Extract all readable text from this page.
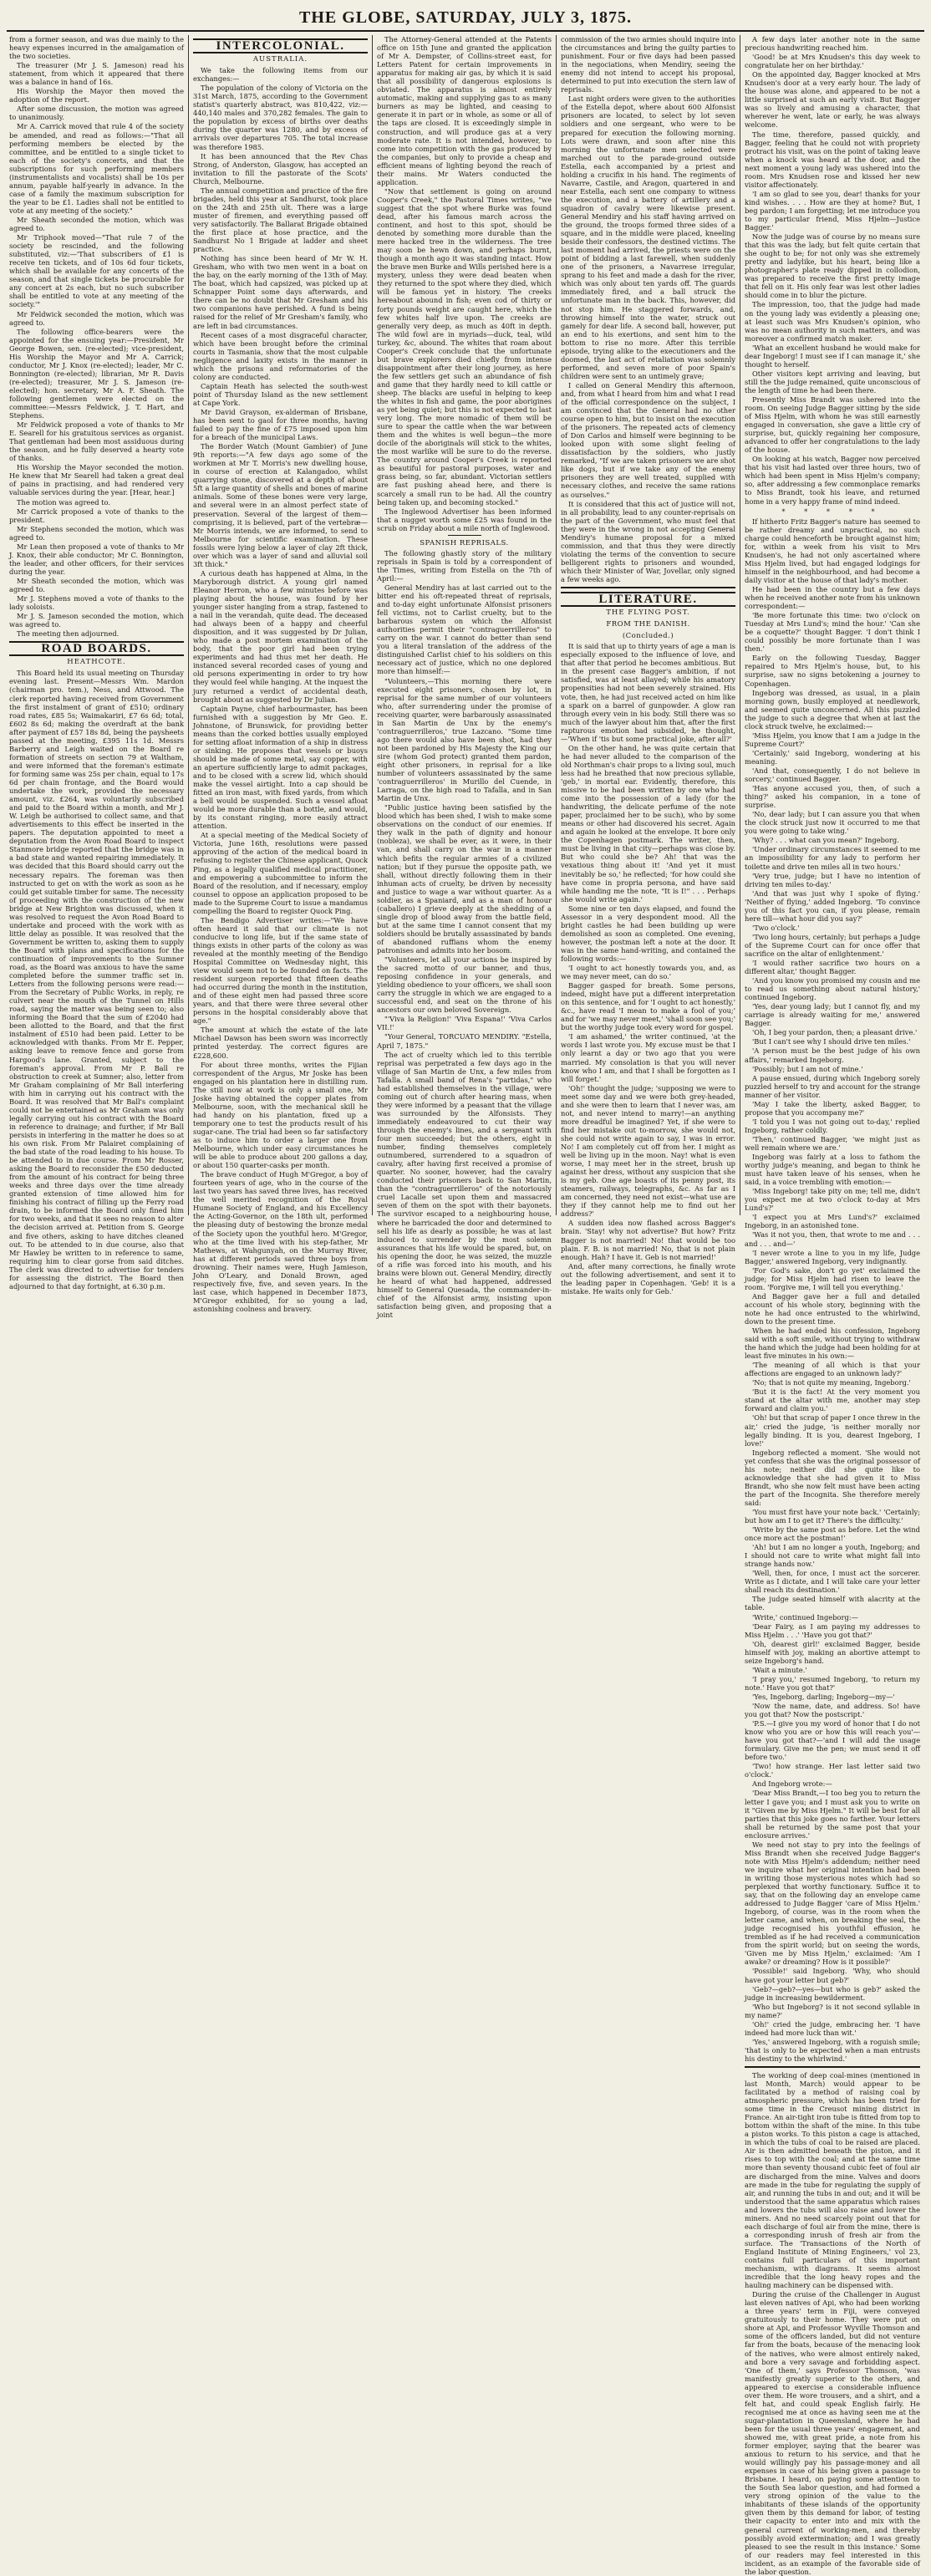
THE GLOBE, SATURDAY, JULY 3, 1875.

from a former season, and was due mainly to the heavy expenses incurred in the amalgamation of the two societies.

The treasurer (Mr J. S. Jameson) read his statement, from which it appeared that there was a balance in hand of 16s.

His Worship the Mayor then moved the adoption of the report.

After some discussion, the motion was agreed to unanimously.

Mr A. Carrick moved that rule 4 of the society be amended, and read as follows:—"That all performing members be elected by the committee, and be entitled to a single ticket to each of the society's concerts, and that the subscriptions for such performing members (instrumentalists and vocalists) shall be 10s per annum, payable half-yearly in advance. In the case of a family the maximum subscription for the year to be £1. Ladies shall not be entitled to vote at any meeting of the society."

Mr Sheath seconded the motion, which was agreed to.

Mr Triphook moved—"That rule 7 of the society be rescinded, and the following substituted, viz:—'That subscribers of £1 is receive ten tickets, and of 10s 6d four tickets, which shall be available for any concerts of the season, and that single tickets be procurable for any concert at 2s each, but no such subscriber shall be entitled to vote at any meeting of the society.'"

Mr Feldwick seconded the motion, which was agreed to.

The following office-bearers were the appointed for the ensuing year:—President, Mr George Bowen, sen. (re-elected); vice-president, His Worship the Mayor and Mr A. Carrick; conductor, Mr J. Knox (re-elected); leader, Mr C. Bonnington (re-elected); librarian, Mr R. Davis (re-elected); treasurer, Mr J. S. Jameson (re-elected); hon. secretary, Mr A. F. Sheath. The following gentlemen were elected on the committee:—Messrs Feldwick, J. T. Hart, and Stephens.

Mr Feldwick proposed a vote of thanks to Mr E. Searell for his gratuitous services as organist. That gentleman had been most assiduous during the season, and he fully deserved a hearty vote of thanks.

His Worship the Mayor seconded the motion. He knew that Mr Searell had taken a great deal of pains in practising, and had rendered very valuable services during the year. [Hear, hear.]

The motion was agreed to.

Mr Carrick proposed a vote of thanks to the president.

Mr Stephens seconded the motion, which was agreed to.

Mr Lean then proposed a vote of thanks to Mr J. Knox, their able conductor; Mr C. Bonnington, the leader, and other officers, for their services during the year.

Mr Sheath seconded the motion, which was agreed to.

Mr J. Stephens moved a vote of thanks to the lady soloists.

Mr J. S. Jameson seconded the motion, which was agreed to.

The meeting then adjourned.

ROAD BOARDS.
HEATHCOTE.

This Board held its usual meeting on Thursday evening last. Present—Messrs Wm. Mardon (chairman pro. tem.), Ness, and Attwood. The clerk reported having received from Government the first instalment of grant of £510; ordinary road rates, £85 5s; Waimakariri, £7 6s 6d; total, £602 8s 6d; making the overdraft at the bank after payment of £57 18s 8d, being the paysheets passed at the meeting, £395 11s 1d. Messrs Barberry and Leigh waited on the Board re formation of streets on section 79 at Waltham, and were informed that the foreman's estimate for forming same was 25s per chain, equal to 17s 6d per chain frontage, and the Board would undertake the work, provided the necessary amount, viz. £264, was voluntarily subscribed and paid to the Board within a month, and Mr J. W. Leigh be authorised to collect same, and that advertisements to this effect be inserted in the papers. The deputation appointed to meet a deputation from the Avon Road Board to inspect Stanmore bridge reported that the bridge was in a bad state and wanted repairing immediately. It was decided that this Board should carry out the necessary repairs. The foreman was then instructed to get on with the work as soon as he could get suitable timber for same. The necessity of proceeding with the construction of the new bridge at New Brighton was discussed, when it was resolved to request the Avon Road Board to undertake and proceed with the work with as little delay as possible. It was resolved that the Government be written to, asking them to supply the Board with plans and specifications for the continuation of improvements to the Sumner road, as the Board was anxious to have the same completed before the summer traffic set in. Letters from the following persons were read:—From the Secretary of Public Works, in reply, re culvert near the mouth of the Tunnel on Hills road, saying the matter was being seen to; also informing the Board that the sum of £2040 had been allotted to the Board, and that the first instalment of £510 had been paid. Letter to be acknowledged with thanks. From Mr E. Pepper, asking leave to remove fence and gorse from Hargood's lane. Granted, subject to the foreman's approval. From Mr P. Ball re obstruction to creek at Sumner; also, letter from Mr Graham complaining of Mr Ball interfering with him in carrying out his contract with the Board. It was resolved that Mr Ball's complaint could not be entertained as Mr Graham was only legally carrying out his contract with the Board in reference to drainage; and further, if Mr Ball persists in interfering in the matter he does so at his own risk. From Mr Palairet complaining of the bad state of the road leading to his house. To be attended to in due course. From Mr Rosser, asking the Board to reconsider the £50 deducted from the amount of his contract for being three weeks and three days over the time already granted extension of time allowed him for finishing his contract of filling up the Ferry road drain, to be informed the Board only fined him for two weeks, and that it sees no reason to alter the decision arrived at. Petition from S. George and five others, asking to have ditches cleaned out. To be attended to in due course, also that Mr Hawley be written to in reference to same, requiring him to clear gorse from said ditches. The clerk was directed to advertise for tenders for assessing the district. The Board then adjourned to that day fortnight, at 6.30 p.m.

INTERCOLONIAL.
AUSTRALIA.

We take the following items from our exchanges:—

The population of the colony of Victoria on the 31st March, 1875, according to the Government statist's quarterly abstract, was 810,422, viz:—440,140 males and 370,282 females. The gain to the population by excess of births over deaths during the quarter was 1280, and by excess of arrivals over departures 705. The total increase was therefore 1985.

It has been announced that the Rev Chas Strong, of Anderston, Glasgow, has accepted an invitation to fill the pastorate of the Scots' Church, Melbourne.

The annual competition and practice of the fire brigades, held this year at Sandhurst, took place on the 24th and 25th ult. There was a large muster of firemen, and everything passed off very satisfactorily. The Ballarat Brigade obtained the first place at hose practice, and the Sandhurst No 1 Brigade at ladder and sheet practice.

Nothing has since been heard of Mr W. H. Gresham, who with two men went in a boat on the bay, on the early morning of the 13th of May. The boat, which had capsized, was picked up at Schnapper Point some days afterwards, and there can be no doubt that Mr Gresham and his two companions have perished. A fund is being raised for the relief of Mr Gresham's family, who are left in bad circumstances.

Recent cases of a most disgraceful character, which have been brought before the criminal courts in Tasmania, show that the most culpable negligence and laxity exists in the manner in which the prisons and reformatories of the colony are conducted.

Captain Heath has selected the south-west point of Thursday Island as the new settlement at Cape York.

Mr David Grayson, ex-alderman of Brisbane, has been sent to gaol for three months, having failed to pay the fine of £75 imposed upon him for a breach of the municipal Laws.

The Border Watch (Mount Gambier) of June 9th reports:—"A few days ago some of the workmen at Mr T. Morris's new dwelling house, in course of erection at Kalangadoo, whilst quarrying stone, discovered at a depth of about 5ft a large quantity of shells and bones of marine animals. Some of these bones were very large, and several were in an almost perfect state of preservation. Several of the largest of them—comprising, it is believed, part of the vertebræ—Mr Morris intends, we are informed, to send to Melbourne for scientific examination. These fossils were lying below a layer of clay 2ft thick, over which was a layer of sand and alluvial soil 3ft thick."

A curious death has happened at Alma, in the Maryborough district. A young girl named Eleanor Herron, who a few minutes before was playing about the house, was found by her younger sister hanging from a strap, fastened to a nail in the verandah, quite dead. The deceased had always been of a happy and cheerful disposition, and it was suggested by Dr Julian, who made a post mortem examination of the body, that the poor girl had been trying experiments and had thus met her death. He instanced several recorded cases of young and old persons experimenting in order to try how they would feel while hanging. At the inquest the jury returned a verdict of accidental death, brought about as suggested by Dr Julian.

Captain Payne, chief harbourmaster, has been furnished with a suggestion by Mr Geo. E. Johnstone, of Brunswick, for providing better means than the corked bottles usually employed for setting afloat information of a ship in distress or sinking. He proposes that vessels or buoys should be made of some metal, say copper, with an aperture sufficiently large to admit packages, and to be closed with a screw lid, which should make the vessel airtight. Into a cap should be fitted an iron mast, with fixed yards, from which a bell would be suspended. Such a vessel afloat would be more durable than a bottle, and would, by its constant ringing, more easily attract attention.

At a special meeting of the Medical Society of Victoria, June 16th, resolutions were passed approving of the action of the medical board in refusing to register the Chinese applicant, Quock Ping, as a legally qualified medical practitioner, and empowering a subcommittee to inform the Board of the resolution, and if necessary, employ counsel to oppose an application proposed to be made to the Supreme Court to issue a mandamus compelling the Board to register Quock Ping.

The Bendigo Advertiser writes:—"We have often heard it said that our climate is not conducive to long life, but if the same state of things exists in other parts of the colony as was revealed at the monthly meeting of the Bendigo Hospital Committee on Wednesday night, this view would seem not to be founded on facts. The resident surgeon reported that fifteen deaths had occurred during the month in the institution, and of these eight men had passed three score years, and that there were three several other persons in the hospital considerably above that age."

The amount at which the estate of the late Michael Dawson has been sworn was incorrectly printed yesterday. The correct figures are £228,600.

For about three months, writes the Fijian correspondent of the Argus, Mr Joske has been engaged on his plantation here in distilling rum. The still now at work is only a small one, Mr Joske having obtained the copper plates from Melbourne, soon, with the mechanical skill he had handy on his plantation, fixed up a temporary one to test the products result of his sugar-cane. The trial had been so far satisfactory as to induce him to order a larger one from Melbourne, which under easy circumstances he will be able to produce about 200 gallons a day, or about 150 quarter-casks per month.

The brave conduct of Hugh M'Gregor, a boy of fourteen years of age, who in the course of the last two years has saved three lives, has received the well merited recognition of the Royal Humane Society of England, and his Excellency the Acting-Governor, on the 18th ult, performed the pleasing duty of bestowing the bronze medal of the Society upon the youthful hero. M'Gregor, who at the time lived with his step-father, Mr Mathews, at Wahgunyah, on the Murray River, has at different periods saved three boys from drowning. Their names were, Hugh Jamieson, John O'Leary, and Donald Brown, aged respectively five, five, and seven years. In the last case, which happened in December 1873, M'Gregor exhibited, for so young a lad, astonishing coolness and bravery.

The Attorney-General attended at the Patents office on 15th June and granted the application of Mr A. Dempster, of Collins-street east, for Letters Patent for certain improvements in apparatus for making air gas, by which it is said that all possibility of dangerous explosions is obviated. The apparatus is almost entirely automatic, making and supplying gas to as many burners as may be lighted, and ceasing to generate it in part or in whole, as some or all of the taps are closed. It is exceedingly simple in construction, and will produce gas at a very moderate rate. It is not intended, however, to come into competition with the gas produced by the companies, but only to provide a cheap and efficient means of lighting beyond the reach of their mains. Mr Waters conducted the application.

"Now that settlement is going on around Cooper's Creek," the Pastoral Times writes, "we suggest that the spot where Burke was found dead, after his famous march across the continent, and host to this spot, should be denoted by something more durable than the mere hacked tree in the wilderness. The tree may soon be hewn down, and perhaps burnt, though a month ago it was standing intact. How the brave men Burke and Wills perished here is a mystery, unless they were dead beaten when they returned to the spot where they died, which will be famous yet in history. The creeks hereabout abound in fish; even cod of thirty or forty pounds weight are caught here, which the few whites half live upon. The creeks are generally very deep, as much as 40ft in depth. The wild fowl are in myriads—duck, teal, wild turkey, &c, abound. The whites that roam about Cooper's Creek conclude that the unfortunate but brave explorers died chiefly from intense disappointment after their long journey, as here the few settlers get such an abundance of fish and game that they hardly need to kill cattle or sheep. The blacks are useful in helping to keep the whites in fish and game, the poor aborigines as yet being quiet; but this is not expected to last very long. The more nomadic of them will be sure to spear the cattle when the war between them and the whites is well begun—the more docile of the aboriginals will stick to the whites, the most warlike will be sure to do the reverse. The country around Cooper's Creek is reported as beautiful for pastoral purposes, water and grass being, so far, abundant. Victorian settlers are fast pushing ahead here, and there is scarcely a small run to be had. All the country being taken up, and becoming stocked."

The Inglewood Advertiser has been informed that a nugget worth some £25 was found in the scrub on Friday about a mile north of Inglewood.

SPANISH REPRISALS.

The following ghastly story of the military reprisals in Spain is told by a correspondent of the Times, writing from Estella on the 7th of April:—

General Mendiry has at last carried out to the bitter end his oft-repeated threat of reprisals, and to-day eight unfortunate Alfonsist prisoners fell victims, not to Carlist cruelty, but to the barbarous system on which the Alfonsist authorities permit their "contraguerrilleros" to carry on the war. I cannot do better than send you a literal translation of the address of the distinguished Carlist chief to his soldiers on this necessary act of justice, which no one deplored more than himself:—

"Volunteers,—This morning there were executed eight prisoners, chosen by lot, in reprisal for the same number of our volunteers who, after surrendering under the promise of receiving quarter, were barbarously assassinated in San Martin de Unx by the enemy's 'contraguerrilleros,' true Lazcano. "Some time ago there would also have been shot, had they not been pardoned by His Majesty the King our sire (whom God protect) granted them pardon, eight other prisoners, in reprisal for a like number of volunteers assassinated by the same 'contraguerrilleros' in Murillo del Cuende, in Larraga, on the high road to Tafalla, and in San Martin de Unx.

"Public justice having been satisfied by the blood which has been shed, I wish to make some observations on the conduct of our enemies. If they walk in the path of dignity and honour (nobleza), we shall be ever, as it were, in their van, and shall carry on the war in a manner which befits the regular armies of a civilized nation; but if they pursue the opposite path, we shall, without directly following them in their inhuman acts of cruelty, be driven by necessity and justice to wage a war without quarter. As a soldier, as a Spaniard, and as a man of honour (caballero) I grieve deeply at the shedding of a single drop of blood away from the battle field, but at the same time I cannot consent that my soldiers should be brutally assassinated by bands of abandoned ruffians whom the enemy patronises and admits into her bosom.

"Volunteers, let all your actions be inspired by the sacred motto of our banner, and thus, reposing confidence in your generals, and yielding obedience to your officers, we shall soon carry the struggle in which we are engaged to a successful end, and seat on the throne of his ancestors our own beloved Sovereign.

"'Viva la Religion!' 'Viva Espana!' 'Viva Carlos VII.!'

"Your General, TORCUATO MENDIRY. "Estella, April 7, 1875."

The act of cruelty which led to this terrible reprisal was perpetrated a few days ago in the village of San Martin de Unx, a few miles from Tafalla. A small band of Rena's "partidas," who had established themselves in the village, were coming out of church after hearing mass, when they were informed by a peasant that the village was surrounded by the Alfonsists. They immediately endeavoured to cut their way through the enemy's lines, and a sergeant with four men succeeded; but the others, eight in number, finding themselves completely outnumbered, surrendered to a squadron of cavalry, after having first received a promise of quarter. No sooner, however, had the cavalry conducted their prisoners back to San Martin, than the "contraguerrilleros" of the notoriously cruel Lacalle set upon them and massacred seven of them on the spot with their bayonets. The survivor escaped to a neighbouring house, where he barricaded the door and determined to sell his life as dearly as possible; he was at last induced to surrender by the most solemn assurances that his life would be spared, but, on his opening the door, he was seized, the muzzle of a rifle was forced into his mouth, and his brains were blown out. General Mendiry, directly he heard of what had happened, addressed himself to General Quesada, the commander-in-chief of the Alfonsist army, insisting upon satisfaction being given, and proposing that a joint

commission of the two armies should inquire into the circumstances and bring the guilty parties to punishment. Four or five days had been passed in the negociations, when Mendiry, seeing the enemy did not intend to accept his proposal, determined to put into execution the stern law of reprisals.

Last night orders were given to the authorities of the Estella depot, where about 600 Alfonsist prisoners are located, to select by lot seven soldiers and one sergeant, who were to be prepared for execution the following morning. Lots were drawn, and soon after nine this morning the unfortunate men selected were marched out to the parade-ground outside Estella, each accompanied by a priest and holding a crucifix in his hand. The regiments of Navarre, Castile, and Aragon, quartered in and near Estella, each sent one company to witness the execution, and a battery of artillery and a squadron of cavalry were likewise present. General Mendiry and his staff having arrived on the ground, the troops formed three sides of a square, and in the middle were placed, kneeling beside their confessors, the destined victims. The last moment had arrived, the priests were on the point of bidding a last farewell, when suddenly one of the prisoners, a Navarrese irregular, sprang to his feet and made a dash for the river, which was only about ten yards off. The guards immediately fired, and a ball struck the unfortunate man in the back. This, however, did not stop him. He staggered forwards, and, throwing himself into the water, struck out gamely for dear life. A second ball, however, put an end to his exertions, and sent him to the bottom to rise no more. After this terrible episode, trying alike to the executioners and the doomed, the last act of retaliation was solemnly performed, and seven more of poor Spain's children were sent to an untimely grave;

I called on General Mendiry this afternoon, and, from what I heard from him and what I read of the official correspondence on the subject, I am convinced that the General had no other course open to him, but to insist on the execution of the prisoners. The repeated acts of clemency of Don Carlos and himself were beginning to be looked upon with some slight feeling of dissatisfaction by the soldiers, who justly remarked, "If we are taken prisoners we are shot like dogs, but if we take any of the enemy prisoners they are well treated, supplied with necessary clothes, and receive the same rations as ourselves."

It is considered that this act of justice will not, in all probability, lead to any counter-reprisals on the part of the Government, who must feel that they were in the wrong in not accepting General Mendiry's humane proposal for a mixed commission, and that thus they were directly violating the terms of the convention to secure belligerent rights to prisoners and wounded, which their Minister of War, Jovellar, only signed a few weeks ago.

LITERATURE.
THE FLYING POST.
FROM THE DANISH.
(Concluded.)

It is said that up to thirty years of age a man is especially exposed to the influence of love, and that after that period he becomes ambitious. But in the present case Bagger's ambition, if not satisfied, was at least allayed; while his amatory propensities had not been severely strained. His vote, then, he had just received acted on him like a spark on a barrel of gunpowder. A glow ran through every vein in his body. Still there was so much of the lawyer about him that, after the first rapturous emotion had subsided, he thought,—'When if 'tis but some practical joke, after all?'

On the other hand, he was quite certain that he had never alluded to the comparison of the old Northman's chair props to a living soul, much less had he breathed that now precious syllable, 'geb,' in mortal ear. Evidently, therefore, this missive to be had been written by one who had come into the possession of a lady (for the handwriting, the delicate perfume of the note paper, proclaimed her to be such), who by some means or other had discovered his secret. Again and again he looked at the envelope. It bore only the Copenhagen postmark. The writer, then, must be living in that city—perhaps was close by. But who could she be? Ah! that was the vexatious thing about it! 'And yet it must inevitably be so,' he reflected; 'for how could she have come in propria persona, and have said while handing me the note, "It is I!" . . . Perhaps she would write again.'

Some nine or ten days elapsed, and found the Assessor in a very despondent mood. All the bright castles he had been building up were demolished as soon as completed. One evening, however, the postman left a note at the door. It was in the same hand-writing, and contained the following words:—

'I ought to act honestly towards you, and, as we may never meet, can do so.'

Bagger gasped for breath. Some persons, indeed, might have put a different interpretation on this sentence, and for 'I ought to act honestly,' &c., have read 'I mean to make a fool of you;' and for 'we may never meet,' 'shall soon see you;' but the worthy judge took every word for gospel.

'I am ashamed,' the writer continued, 'at the words I last wrote you. My excuse must be that I only learnt a day or two ago that you were married. My consolation is that you will never know who I am, and that I shall be forgotten as I will forget.'

'Oh!' thought the judge; 'supposing we were to meet some day and we were both grey-headed, and she were then to learn that I never was, am not, and never intend to marry!—an anything more dreadful be imagined? Yet, if she were to find her mistake out to-morrow, she would not, she could not write again to say, I was in error. No! I am completely cut off from her. I might as well be living up in the moon. Nay! what is even worse, I may meet her in the street, brush up against her dress, without any suspicion that she is my geb. One age boasts of its penny post, its steamers, railways, telegraphs, &c. As far as I am concerned, they need not exist—what use are they if they cannot help me to find out her address?'

A sudden idea now flashed across Bagger's brain. 'Stay! why not advertise? But how? Fritz Bagger is not married! No! that would be too plain. F. B. is not married! No, that is not plain enough. Hah? I have it. Geb is not married!'

And, after many corrections, he finally wrote out the following advertisement, and sent it to the leading paper in Copenhagen. 'Geb! it is a mistake. He waits only for Geb.'

A few days later another note in the same precious handwriting reached him.

'Good! be at Mrs Knudsen's this day week to congratulate her on her birthday.'

On the appointed day, Bagger knocked at Mrs Knudsen's door at a very early hour. The lady of the house was alone, and appeared to be not a little surprised at such an early visit. But Bagger was so lively and amusing a character, that wherever he went, late or early, he was always welcome.

The time, therefore, passed quickly, and Bagger, feeling that he could not with propriety protract his visit, was on the point of taking leave when a knock was heard at the door, and the next moment a young lady was ushered into the room. Mrs Knudsen rose and kissed her new visitor affectionately.

'I am so glad to see you, dear! thanks for your kind wishes. . . . How are they at home? But, I beg pardon; I am forgetting; let me introduce you to my particular friend, Miss Hjelm—Justice Bagger.'

Now the judge was of course by no means sure that this was the lady, but felt quite certain that she ought to be; for not only was she extremely pretty and ladylike, but his heart, being like a photographer's plate ready dipped in collodion, was prepared to receive the first pretty image that fell on it. His only fear was lest other ladies should come in to blur the picture.

The impression, too, that the judge had made on the young lady was evidently a pleasing one; at least such was Mrs Knudsen's opinion, who was no mean authority in such matters, and was moreover a confirmed match maker.

'What an excellent husband he would make for dear Ingeborg! I must see if I can manage it,' she thought to herself.

Other visitors kept arriving and leaving, but still the the judge remained, quite unconscious of the length of time he had been there.

Presently Miss Brandt was ushered into the room. On seeing Judge Bagger sitting by the side of Miss Hjelm, with whom he was still earnestly engaged in conversation, she gave a little cry of surprise, but, quickly regaining her composure, advanced to offer her congratulations to the lady of the house.

On looking at his watch, Bagger now perceived that his visit had lasted over three hours, two of which had been spent in Miss Hjelm's company; so, after addressing a few commonplace remarks to Miss Brandt, took his leave, and returned home in a very happy frame of mind indeed.

* * * * *

If hitherto Fritz Bagger's nature has seemed to be rather dreamy and unpractical, no such charge could henceforth be brought against him; for, within a week from his visit to Mrs Knudsen's, he had not only ascertained where Miss Hjelm lived, but had engaged lodgings for himself in the neighbourhood, and had become a daily visitor at the house of that lady's mother.

He had been in the country but a few days when he received another note from his unknown correspondent:—

'Be more fortunate this time: two o'clock on Tuesday at Mrs Lund's; mind the hour.' 'Can she be a coquette?' thought Bagger. 'I don't think I could possibly be more fortunate than I was then.'

Early on the following Tuesday, Bagger repaired to Mrs Hjelm's house, but, to his surprise, saw no signs betokening a journey to Copenhagen.

Ingeborg was dressed, as usual, in a plain morning gown, busily employed at needlework, and seemed quite unconcerned. All this puzzled the judge to such a degree that when at last the clock struck twelve, he exclaimed:—

'Miss Hjelm, you know that I am a judge in the Supreme Court?'

'Certainly,' said Ingeborg, wondering at his meaning.

'And that, consequently, I do not believe in sorcery,' continued Bagger.

'Has anyone accused you, then, of such a thing?' asked his companion, in a tone of surprise.

'No, dear lady; but I can assure you that when the clock struck just now it occurred to me that you were going to take wing.'

'Why? . . . what can you mean?' Ingeborg.

'Under ordinary circumstances it seemed to me an impossibility for any lady to perform her toilette and drive ten miles all in two hours.'

'Very true, judge; but I have no intention of driving ten miles to-day.'

'And that was just why I spoke of flying.' 'Neither of flying,' added Ingeborg. 'To convince you of this fact you can, if you please, remain here till—what hour did you say?'

'Two o'clock.'

'Two long hours, certainly; but perhaps a Judge of the Supreme Court can for once offer that sacrifice on the altar of enlightenment.'

'I would rather sacrifice two hours on a different altar,' thought Bagger.

'And you know you promised my cousin and me to read us something about natural history,' continued Ingeborg.

'Yes, dear young lady; but I cannot fly, and my carriage is already waiting for me,' answered Bagger.

'Oh, I beg your pardon, then; a pleasant drive.'

'But I can't see why I should drive ten miles.'

'A person must be the best judge of his own affairs,' remarked Ingeborg.

'Possibly; but I am not of mine.'

A pause ensued, during which Ingeborg sorely puzzled herself to try and account for the strange manner of her visitor.

'May I take the liberty, asked Bagger, to propose that you accompany me?'

'I told you I was not going out to-day,' replied Ingeborg, rather coldly.

'Then,' continued Bagger, 'we might just as well remain where we are.'

Ingeborg was fairly at a loss to fathom the worthy judge's meaning, and began to think he must have taken leave of his senses, when he said, in a voice trembling with emotion:—

'Miss Ingeborg! take pity on me; tell me, didn't you expect me at two o'clock to-day at Mrs Lund's?'

'I expect you at Mrs Lund's?' exclaimed Ingeborg, in an astonished tone.

'Was it not you, then, that wrote to me and . . . and . . . and—'

'I never wrote a line to you in my life, Judge Bagger,' answered Ingeborg, very indignantly.

'For God's sake, don't go yet' exclaimed the judge; for Miss Hjelm had risen to leave the room. 'Forgive me, I will tell you everything.'

And Bagger gave her a full and detailed account of his whole story, beginning with the note he had once entrusted to the whirlwind, down to the present time.

When he had ended his confession, Ingeborg said with a soft smile, without trying to withdraw the hand which the judge had been holding for at least five minutes in his own:—

'The meaning of all which is that your affections are engaged to an unknown lady?'

'No; that is not quite my meaning, Ingeborg.'

'But it is the fact! At the very moment you stand at the altar with me, another may step forward and claim you.'

'Oh! but that scrap of paper I once threw in the air,' cried the judge, 'is neither morally nor legally binding. It is you, dearest Ingeborg, I love!'

Ingeborg reflected a moment. 'She would not yet confess that she was the original possessor of his note; neither did she quite like to acknowledge that she had given it to Miss Brandt, who she now felt must have been acting the part of the Incognita. She therefore merely said:

'You must first have your note back.' 'Certainly; but how am I to get it? There's the difficulty.'

'Write by the same post as before. Let the wind once more act the postman!'

'Ah! but I am no longer a youth, Ingeborg; and I should not care to write what might fall into strange hands now.'

'Well, then, for once, I must act the sorcerer. Write as I dictate, and I will take care your letter shall reach its destination.'

The judge seated himself with alacrity at the table.

'Write,' continued Ingeborg:—

'Dear Fairy, as I am paying my addresses to Miss Hjelm . . .' 'Have you got that?'

'Oh, dearest girl!' exclaimed Bagger, beside himself with joy, making an abortive attempt to seize Ingeborg's hand.

'Wait a minute.'

'I pray you,' resumed Ingeborg, 'to return my note.' Have you got that?'

'Yes, Ingeborg, darling; Ingeborg—my—'

'Now the name, date, and address. So! have you got that? Now the postscript.'

'P.S.—I give you my word of honor that I do not know who you are or how this will reach you'—have you got that?—'and I will add the usage formulary. Give me the pen; we must send it off before two.'

'Two! how strange. Her last letter said two o'clock.'

And Ingeborg wrote:—

'Dear Miss Brandt,—I too beg you to return the letter I gave you; and I must ask you to write on it "Given me by Miss Hjelm." It will be best for all parties that this joke goes no farther. Your letters shall be returned by the same post that your enclosure arrives.'

We need not stay to pry into the feelings of Miss Brandt when she received Judge Bagger's note with Miss Hjelm's addendum; neither need we inquire what her original intention had been in writing those mysterious notes which had so perplexed that worthy functionary. Suffice it to say, that on the following day an envelope came addressed to Judge Bagger 'care of Miss Hjelm.' Ingeborg, of course, was in the room when the letter came, and when, on breaking the seal, the judge recognised his youthful effusion, he trembled as if he had received a communication from the spirit world; but on seeing the words, 'Given me by Miss Hjelm,' exclaimed: 'Am I awake? or dreaming? How is it possible?'

'Possible!' said Ingeborg. 'Why, who should have got your letter but geb?'

'Geb?—geb?—yes—but who is geb?' asked the judge in increasing bewilderment.

'Who but Ingeborg? is it not second syllable in my name?'

'Oh!' cried the judge, embracing her. 'I have indeed had more luck than wit.'

'Yes,' answered Ingeborg, with a roguish smile; 'that is only to be expected when a man entrusts his destiny to the whirlwind.'

The working of deep coal-mines (mentioned in last Month, March) would appear to be facilitated by a method of raising coal by atmospheric pressure, which has been tried for some time in the Creusot mining district in France. An air-tight iron tube is fitted from top to bottom within the shaft of the mine. In this tube a piston works. To this piston a cage is attached, in which the tubs of coal to be raised are placed. Air is then admitted beneath the piston, and it rises to top with the coal; and at the same time more than seventy thousand cubic feet of foul air are discharged from the mine. Valves and doors are made in the tube for regulating the supply of air, and running the tubs in and out; and it will be understood that the same apparatus which raises and lowers the tubs will also raise and lower the miners. And no need scarcely point out that for each discharge of foul air from the mine, there is a corresponding inrush of fresh air from the surface. The 'Transactions of the North of England Institute of Mining Engineers,' vol 23, contains full particulars of this important mechanism, with diagrams. It seems almost incredible that the long heavy ropes and the hauling machinery can be dispensed with.

During the cruise of the Challenger in August last eleven natives of Api, who had been working a three years' term in Fiji, were conveyed gratuitously to their home. They were put on shore at Api, and Professor Wyville Thomson and some of the officers landed, but did not venture far from the boats, because of the menacing look of the natives, who were almost entirely naked, and bore a very savage and forbidding aspect. 'One of them,' says Professor Thomson, 'was manifestly greatly superior to the others, and appeared to exercise a considerable influence over them. He wore trousers, and a shirt, and a felt hat, and could speak English fairly. He recognised me at once as having seen me at the sugar-plantation in Queensland, where he had been for the usual three years' engagement, and showed me, with great pride, a note from his former employer, saying that the bearer was anxious to return to his service, and that he would willingly pay his passage-money and all expenses in case of his being given a passage to Brisbane. I heard, on paying some attention to the South Sea labor question, and had formed a very strong opinion of the value to the inhabitants of these islands of the opportunity given them by this demand for labor, of testing their capacity to enter into and mix with the general current of working-men, and thereby possibly avoid extermination; and I was greatly pleased to see the result in this instance.' Some of our readers may feel interested in this incident, as an example of the favorable side of the labor question.
